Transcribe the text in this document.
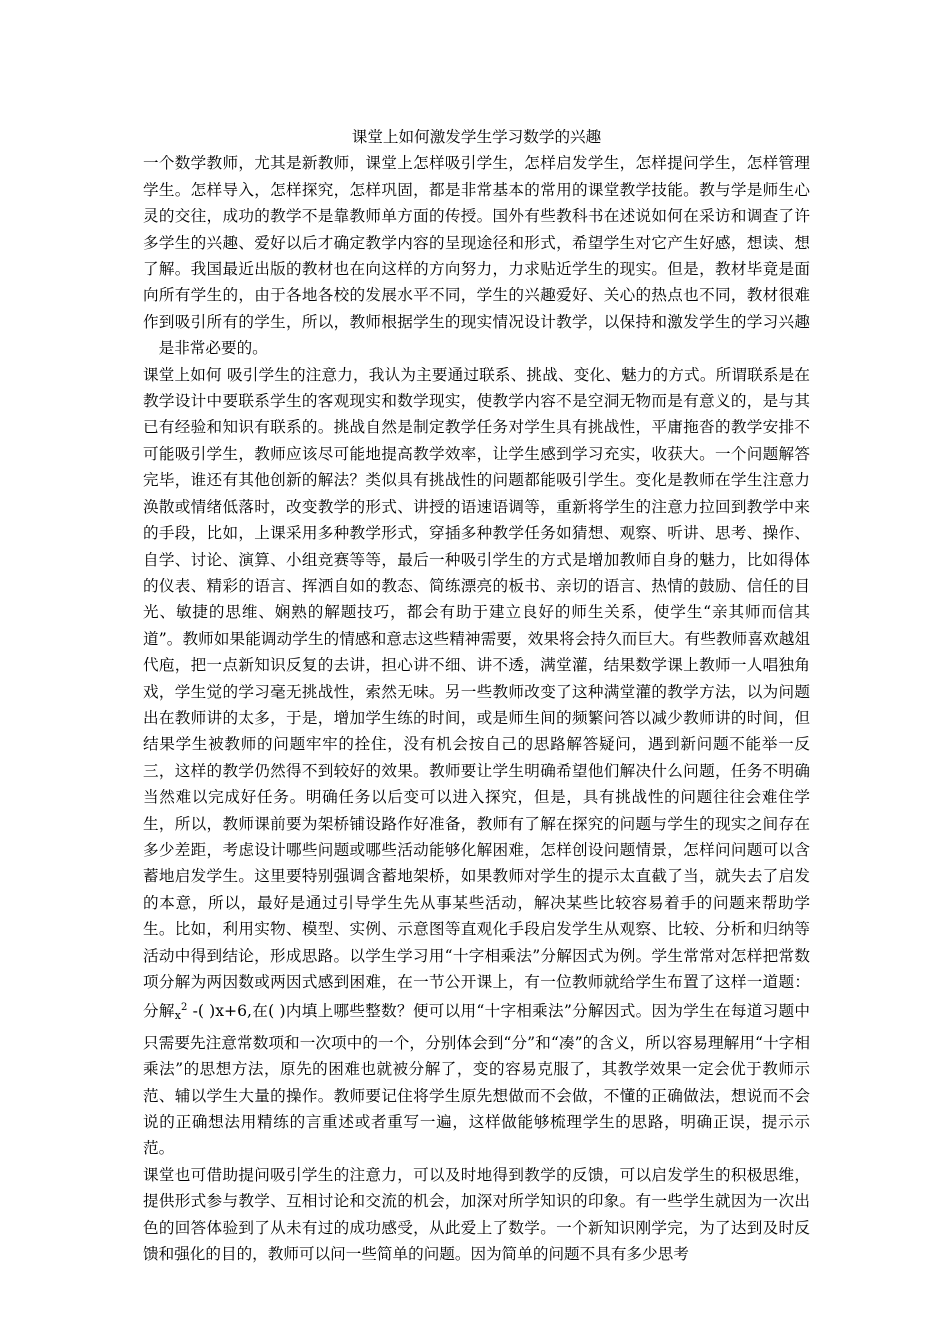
课堂上如何激发学生学习数学的兴趣

一个数学教师，尤其是新教师，课堂上怎样吸引学生，怎样启发学生，怎样提问学生，怎样管理学生。怎样导入，怎样探究，怎样巩固，都是非常基本的常用的课堂教学技能。教与学是师生心灵的交往，成功的教学不是靠教师单方面的传授。国外有些教科书在述说如何在采访和调查了许多学生的兴趣、爱好以后才确定教学内容的呈现途径和形式，希望学生对它产生好感，想读、想了解。我国最近出版的教材也在向这样的方向努力，力求贴近学生的现实。但是，教材毕竟是面向所有学生的，由于各地各校的发展水平不同，学生的兴趣爱好、关心的热点也不同，教材很难作到吸引所有的学生，所以，教师根据学生的现实情况设计教学，以保持和激发学生的学习兴趣 　是非常必要的。

课堂上如何 吸引学生的注意力，我认为主要通过联系、挑战、变化、魅力的方式。所谓联系是在教学设计中要联系学生的客观现实和数学现实，使教学内容不是空洞无物而是有意义的，是与其已有经验和知识有联系的。挑战自然是制定教学任务对学生具有挑战性，平庸拖沓的教学安排不可能吸引学生，教师应该尽可能地提高教学效率，让学生感到学习充实，收获大。一个问题解答完毕，谁还有其他创新的解法？类似具有挑战性的问题都能吸引学生。变化是教师在学生注意力涣散或情绪低落时，改变教学的形式、讲授的语速语调等，重新将学生的注意力拉回到教学中来的手段，比如，上课采用多种教学形式，穿插多种教学任务如猜想、观察、听讲、思考、操作、自学、讨论、演算、小组竞赛等等，最后一种吸引学生的方式是增加教师自身的魅力，比如得体的仪表、精彩的语言、挥洒自如的教态、简练漂亮的板书、亲切的语言、热情的鼓励、信任的目光、敏捷的思维、娴熟的解题技巧，都会有助于建立良好的师生关系，使学生“亲其师而信其道”。教师如果能调动学生的情感和意志这些精神需要，效果将会持久而巨大。有些教师喜欢越俎代庖，把一点新知识反复的去讲，担心讲不细、讲不透，满堂灌，结果数学课上教师一人唱独角戏，学生觉的学习毫无挑战性，索然无味。另一些教师改变了这种满堂灌的教学方法，以为问题出在教师讲的太多，于是，增加学生练的时间，或是师生间的频繁问答以减少教师讲的时间，但结果学生被教师的问题牢牢的拴住，没有机会按自己的思路解答疑问，遇到新问题不能举一反三，这样的教学仍然得不到较好的效果。教师要让学生明确希望他们解决什么问题，任务不明确当然难以完成好任务。明确任务以后变可以进入探究，但是，具有挑战性的问题往往会难住学生，所以，教师课前要为架桥铺设路作好准备，教师有了解在探究的问题与学生的现实之间存在多少差距，考虑设计哪些问题或哪些活动能够化解困难，怎样创设问题情景，怎样问问题可以含蓄地启发学生。这里要特别强调含蓄地架桥，如果教师对学生的提示太直截了当，就失去了启发的本意，所以，最好是通过引导学生先从事某些活动，解决某些比较容易着手的问题来帮助学生。比如，利用实物、模型、实例、示意图等直观化手段启发学生从观察、比较、分析和归纳等活动中得到结论，形成思路。以学生学习用“十字相乘法”分解因式为例。学生常常对怎样把常数项分解为两因数或两因式感到困难，在一节公开课上，有一位教师就给学生布置了这样一道题：分解$_x^2$ -( )x+6,在( )内填上哪些整数？便可以用“十字相乘法”分解因式。因为学生在每道习题中只需要先注意常数项和一次项中的一个，分别体会到“分”和“凑”的含义，所以容易理解用“十字相乘法”的思想方法，原先的困难也就被分解了，变的容易克服了，其教学效果一定会优于教师示范、辅以学生大量的操作。教师要记住将学生原先想做而不会做，不懂的正确做法，想说而不会说的正确想法用精练的言重述或者重写一遍，这样做能够梳理学生的思路，明确正误，提示示范。

课堂也可借助提问吸引学生的注意力，可以及时地得到教学的反馈，可以启发学生的积极思维，提供形式参与教学、互相讨论和交流的机会，加深对所学知识的印象。有一些学生就因为一次出色的回答体验到了从未有过的成功感受，从此爱上了数学。一个新知识刚学完，为了达到及时反馈和强化的目的，教师可以问一些简单的问题。因为简单的问题不具有多少思考
